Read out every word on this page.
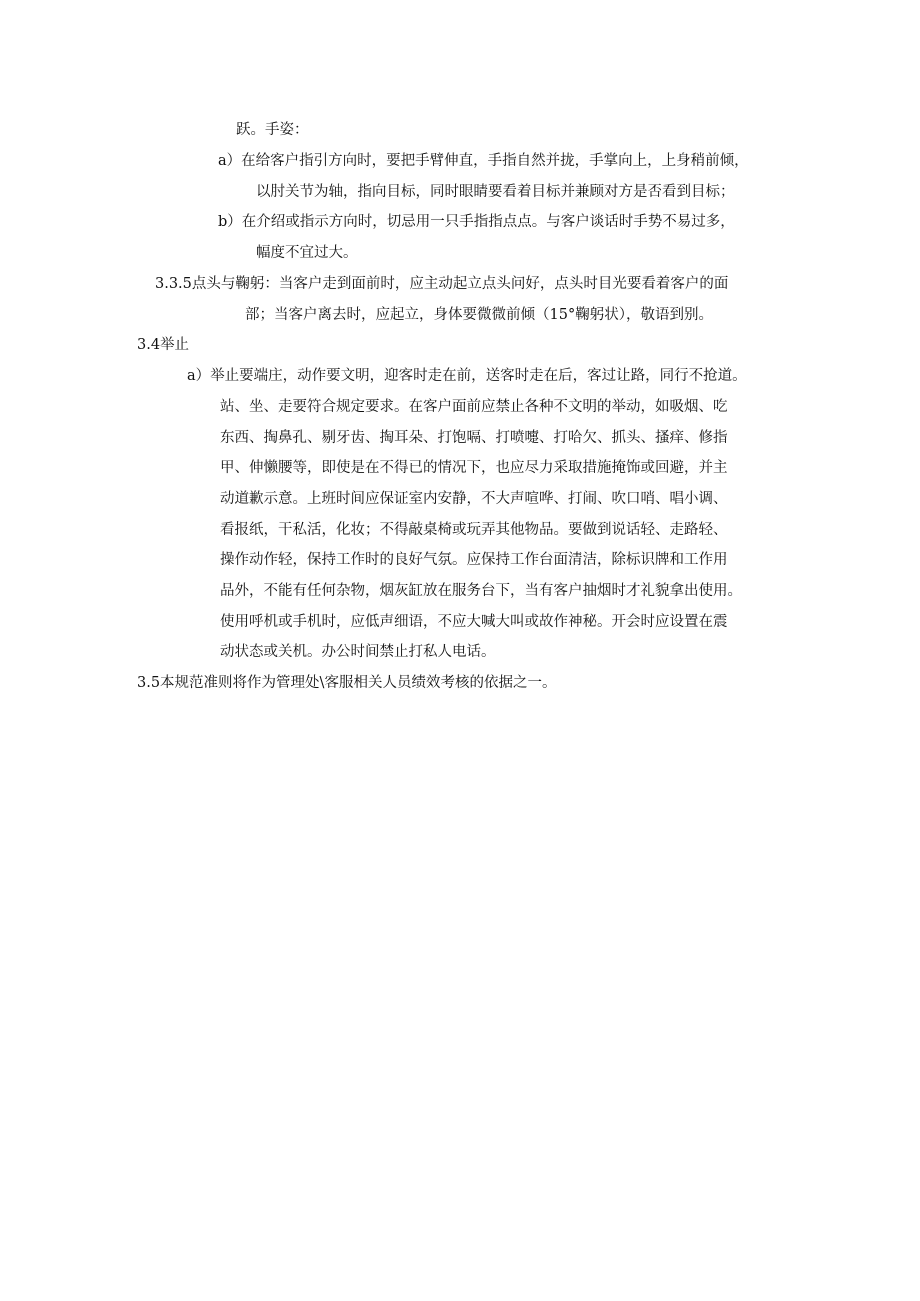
跃。手姿：
a）在给客户指引方向时，要把手臂伸直，手指自然并拢，手掌向上，上身稍前倾，
以肘关节为轴，指向目标，同时眼睛要看着目标并兼顾对方是否看到目标；
b）在介绍或指示方向时，切忌用一只手指指点点。与客户谈话时手势不易过多，
幅度不宜过大。
3.3.5点头与鞠躬：当客户走到面前时，应主动起立点头问好，点头时目光要看着客户的面
部；当客户离去时，应起立，身体要微微前倾（15°鞠躬状），敬语到别。
3.4举止
a）举止要端庄，动作要文明，迎客时走在前，送客时走在后，客过让路，同行不抢道。
站、坐、走要符合规定要求。在客户面前应禁止各种不文明的举动，如吸烟、吃
东西、掏鼻孔、剔牙齿、掏耳朵、打饱嗝、打喷嚏、打哈欠、抓头、搔痒、修指
甲、伸懒腰等，即使是在不得已的情况下，也应尽力采取措施掩饰或回避，并主
动道歉示意。上班时间应保证室内安静，不大声喧哗、打闹、吹口哨、唱小调、
看报纸，干私活，化妆；不得敲桌椅或玩弄其他物品。要做到说话轻、走路轻、
操作动作轻，保持工作时的良好气氛。应保持工作台面清洁，除标识牌和工作用
品外，不能有任何杂物，烟灰缸放在服务台下，当有客户抽烟时才礼貌拿出使用。
使用呼机或手机时，应低声细语，不应大喊大叫或故作神秘。开会时应设置在震
动状态或关机。办公时间禁止打私人电话。
3.5本规范准则将作为管理处\客服相关人员绩效考核的依据之一。
